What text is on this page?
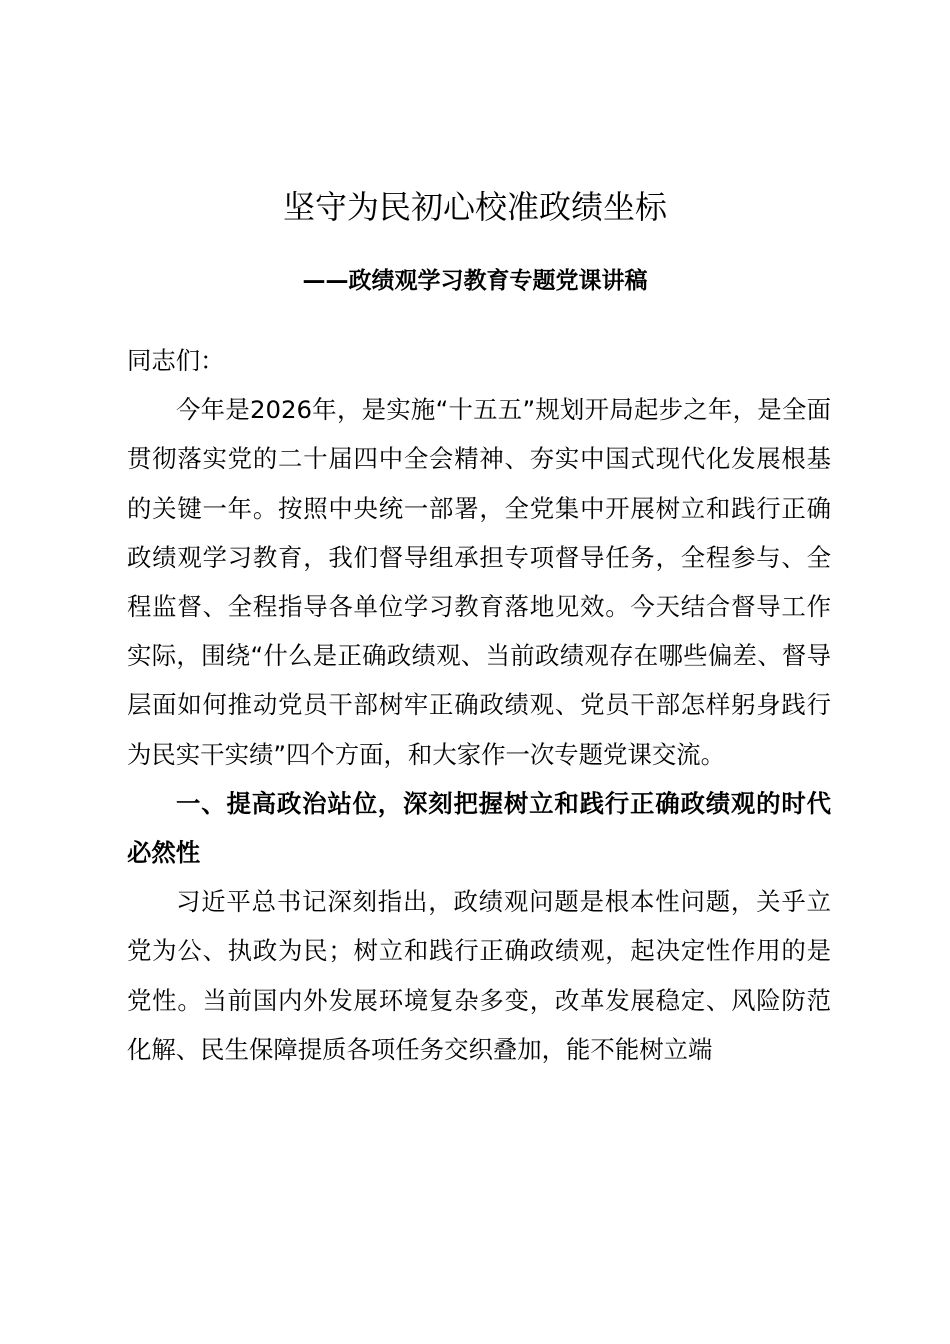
坚守为民初心校准政绩坐标
——政绩观学习教育专题党课讲稿

同志们：

今年是2026年，是实施“十五五”规划开局起步之年，是全面贯彻落实党的二十届四中全会精神、夯实中国式现代化发展根基的关键一年。按照中央统一部署，全党集中开展树立和践行正确政绩观学习教育，我们督导组承担专项督导任务，全程参与、全程监督、全程指导各单位学习教育落地见效。今天结合督导工作实际，围绕“什么是正确政绩观、当前政绩观存在哪些偏差、督导层面如何推动党员干部树牢正确政绩观、党员干部怎样躬身践行为民实干实绩”四个方面，和大家作一次专题党课交流。

一、提高政治站位，深刻把握树立和践行正确政绩观的时代必然性

习近平总书记深刻指出，政绩观问题是根本性问题，关乎立党为公、执政为民；树立和践行正确政绩观，起决定性作用的是党性。当前国内外发展环境复杂多变，改革发展稳定、风险防范化解、民生保障提质各项任务交织叠加，能不能树立端
